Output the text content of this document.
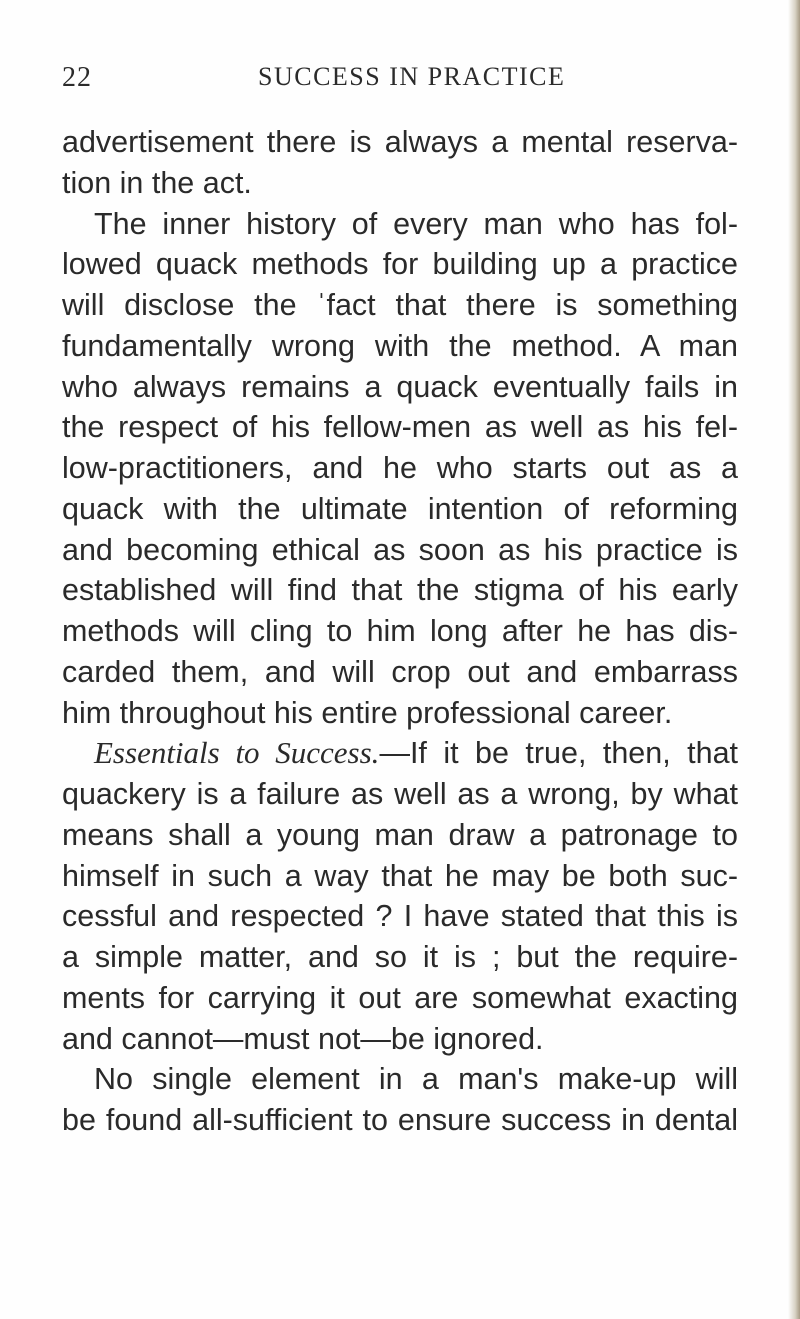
22	SUCCESS IN PRACTICE
advertisement there is always a mental reserva-
tion in the act.
The inner history of every man who has fol-
lowed quack methods for building up a practice
will disclose the ˈfact that there is something
fundamentally wrong with the method. A man
who always remains a quack eventually fails in
the respect of his fellow-men as well as his fel-
low-practitioners, and he who starts out as a
quack with the ultimate intention of reforming
and becoming ethical as soon as his practice is
established will find that the stigma of his early
methods will cling to him long after he has dis-
carded them, and will crop out and embarrass
him throughout his entire professional career.
Essentials to Success.—If it be true, then, that
quackery is a failure as well as a wrong, by what
means shall a young man draw a patronage to
himself in such a way that he may be both suc-
cessful and respected ? I have stated that this is
a simple matter, and so it is ; but the require-
ments for carrying it out are somewhat exacting
and cannot—must not—be ignored.
No single element in a man's make-up will
be found all-sufficient to ensure success in dental
